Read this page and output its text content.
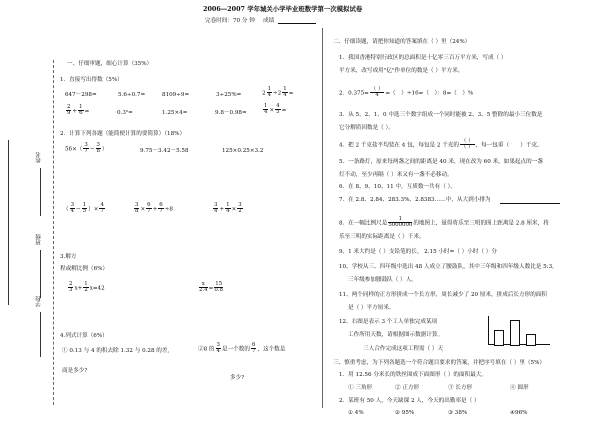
2006—2007 学年城关小学毕业班数学第一次模拟试卷
完卷时间：70 分 钟 成绩
姓名
班级
学校
一、仔细审题，细心计算（35%）
1．直接写出得数（5%）
647－298=	5.6÷0.7=	8109÷9=	3÷25%=	$2 \frac{1}{4} \div 2 \frac{1}{4}$ =
$\frac{2}{9} + \frac{1}{6}$ =	0.3²=	1.25×4=	9.8－0.98=	$\frac{1}{4} \times \frac{4}{5}$ =
2．计算下列各题（能简便计算的要简算）（18%）
$56\times( \frac{3}{7} - \frac{3}{8}$ ）	9.75－3.42－5.58	125×0.25×3.2
（ $\frac{3}{4} - \frac{1}{5}$ ）× $\frac{4}{7}$	$\frac{3}{8} \times \frac{6}{7} + \frac{6}{7} \div 8$	$\frac{3}{4} + \frac{1}{4} \times \frac{3}{2}$
3.解方
程或解比例（6%）
$\frac{2}{3} x+ \frac{1}{2} x=42$	$\frac{x}{2.4} = \frac{15}{0.8}$
4.列式计算（6%）
① 0.13 与 4 的积去除 1.32 与 0.28 的差,
商是多少?
②8 的 $\frac{3}{4}$ 是一个数的 $\frac{6}{7}$ ，这个数是
多少?
二、仔细读题，请把你知道的答案填在（ ）里（24%）
1．我国香港特别行政区的总面积是十亿零三百万平方米，写成（ ）
平方米，改写成用"亿"作单位的数是（ ）平方米。
2．$0.375= \frac{( )}{4}$ =（　）÷16=（　）：8=（　）%
3．从 5、2、1、0 中选三个数字组成一个同时能被 2、3、5 整除的最小三位数是
它分解质因数是（ ）。
4．把 2 千克盐平均装在 4 包，每包是 2 千克的 $\frac{( )}{( )}$ ，每一包重（　　）千克。
5．一条路灯，原来每两盏之间的距离是 40 米，现在改为 60 米，如果起点的一盏
灯不动，至少再隔（ ）米又有一盏不必移动。
6．在 8、9、10、11 中，互质数一共有（ ）。
7．在 2.8、2.84、283.3%、2.8383……中，从大到小排为
8．在一幅比例尺是 $\frac{1}{5000000}$ 的地图上，量得将乐至三明的图上距离是 2.8 厘米，将
乐至三明的实际距离是（ ）千米。
9、1 米大约是（ ）支铅笔的长。 2.15 小时=（ ）小时（ ）分
10、学校从三、四年级中选出 48 人成立了腰鼓队，其中三年级和四年级人数比是 5:3,
三年级参加腰鼓队（ ）人。
11、两个同样的正方形拼成一个长方形，周长减少了 20 厘米，拼成后长方形的面积
是（ ）平方厘米。
12、右图是表示 3 个工人单独完成某项
工作所用天数，请根据图示数据计算。
三人合作完成这项工程需（ ）天
三、慎重考虑，为下列各题选一个符合题目要求的答案，并把序号填在（ ）里（5%）
1．用 12.56 分米长的铁丝围成下面图形（ ）的面积最大。
① 三角形	② 正方形	③ 长方形	④ 圆形
2．某班有 50 人，今天缺课 2 人，今天的出勤率是（ ）
① 4%	② 95%	③ 38%	④96%
